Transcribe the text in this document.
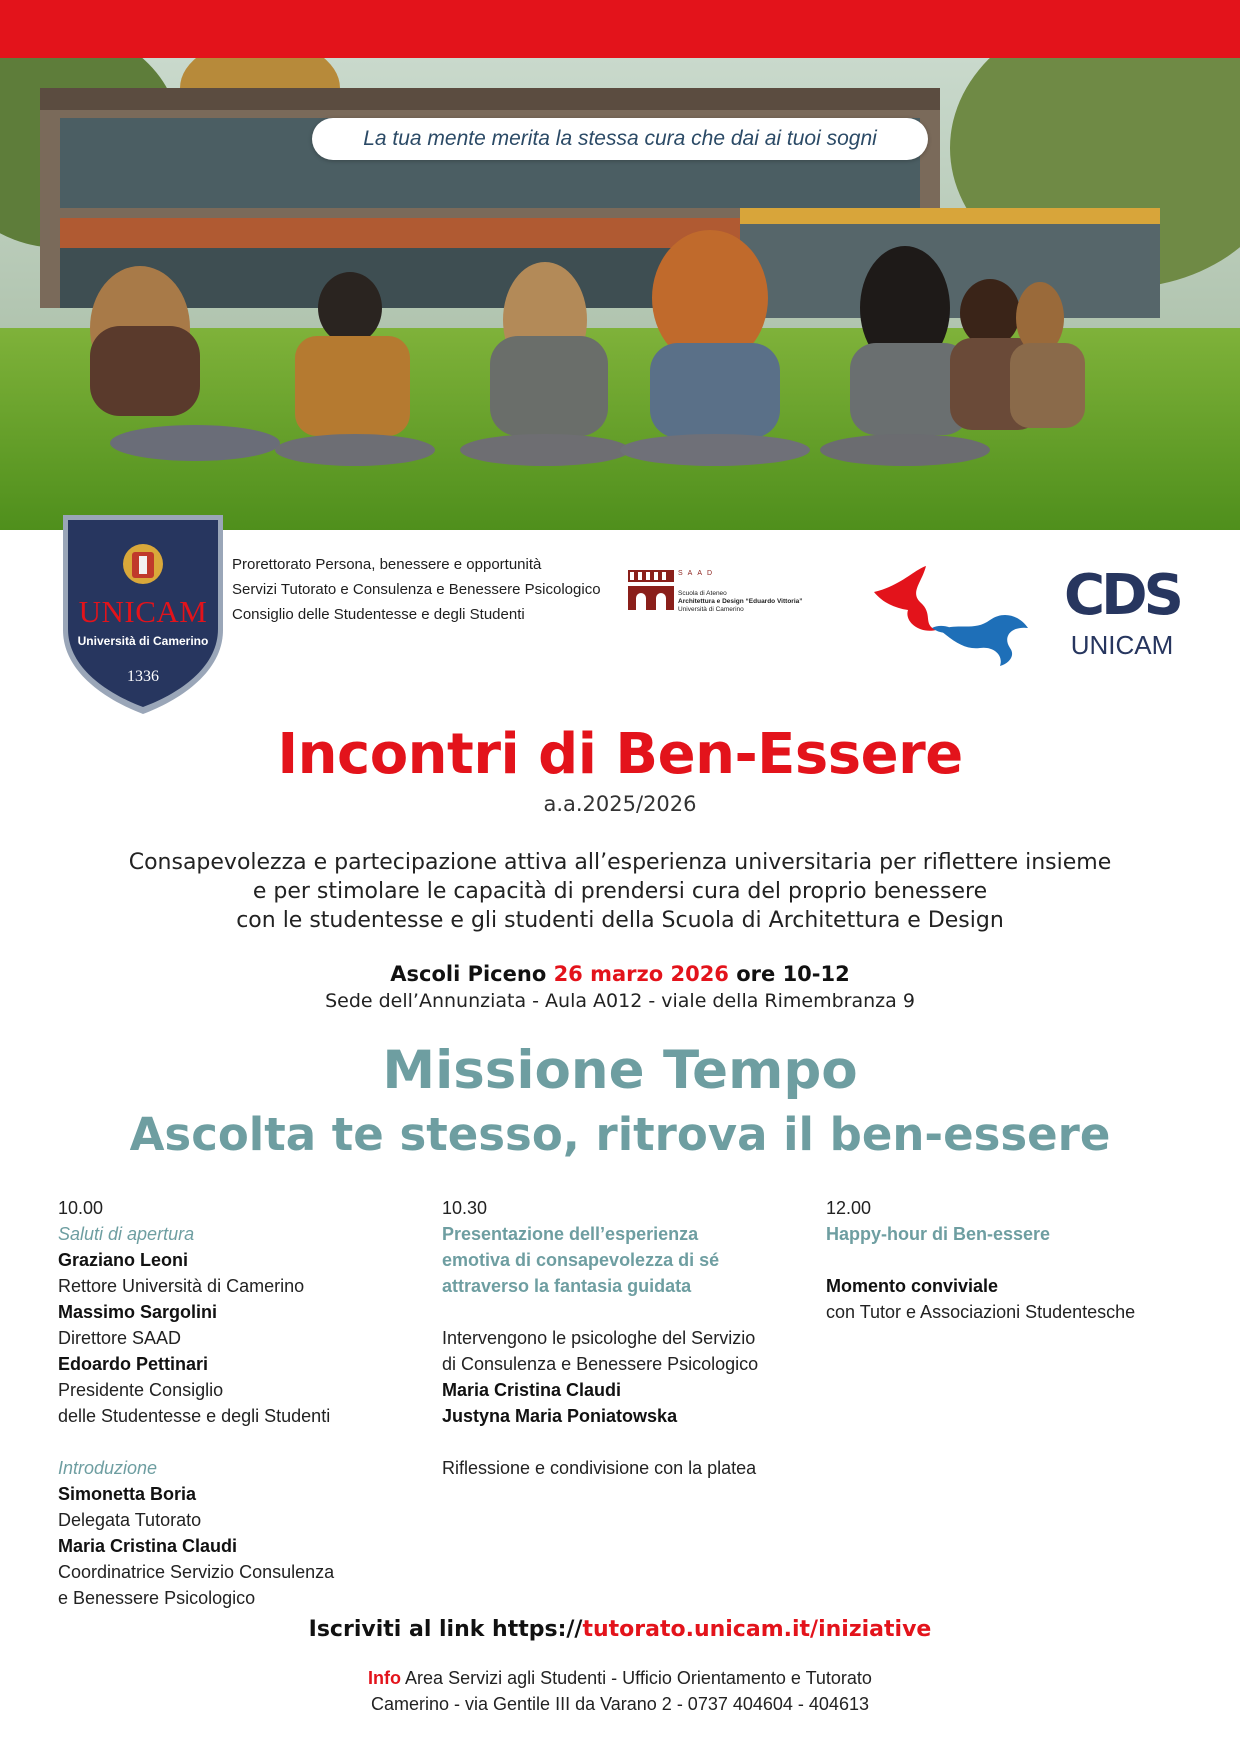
La tua mente merita la stessa cura che dai ai tuoi sogni
UNICAM
Università di Camerino
1336
Prorettorato Persona, benessere e opportunità
Servizi Tutorato e Consulenza e Benessere Psicologico
Consiglio delle Studentesse e degli Studenti
SAAD
Scuola di Ateneo
Architettura e Design “Eduardo Vittoria”
Università di Camerino	CDS
UNICAM
Incontri di Ben-Essere
a.a.2025/2026
Consapevolezza e partecipazione attiva all’esperienza universitaria per riflettere insieme
e per stimolare le capacità di prendersi cura del proprio benessere
con le studentesse e gli studenti della Scuola di Architettura e Design
Ascoli Piceno 26 marzo 2026 ore 10-12
Sede dell’Annunziata - Aula A012 - viale della Rimembranza 9
Missione Tempo
Ascolta te stesso, ritrova il ben-essere
10.00
Saluti di apertura
Graziano Leoni
Rettore Università di Camerino
Massimo Sargolini
Direttore SAAD
Edoardo Pettinari
Presidente Consiglio
delle Studentesse e degli Studenti
Introduzione
Simonetta Boria
Delegata Tutorato
Maria Cristina Claudi
Coordinatrice Servizio Consulenza
e Benessere Psicologico
10.30
Presentazione dell’esperienza
emotiva di consapevolezza di sé
attraverso la fantasia guidata
Intervengono le psicologhe del Servizio
di Consulenza e Benessere Psicologico
Maria Cristina Claudi
Justyna Maria Poniatowska
Riflessione e condivisione con la platea
12.00
Happy-hour di Ben-essere
Momento conviviale
con Tutor e Associazioni Studentesche
Iscriviti al link https://tutorato.unicam.it/iniziative
Info Area Servizi agli Studenti - Ufficio Orientamento e Tutorato
Camerino - via Gentile III da Varano 2 - 0737 404604 - 404613
